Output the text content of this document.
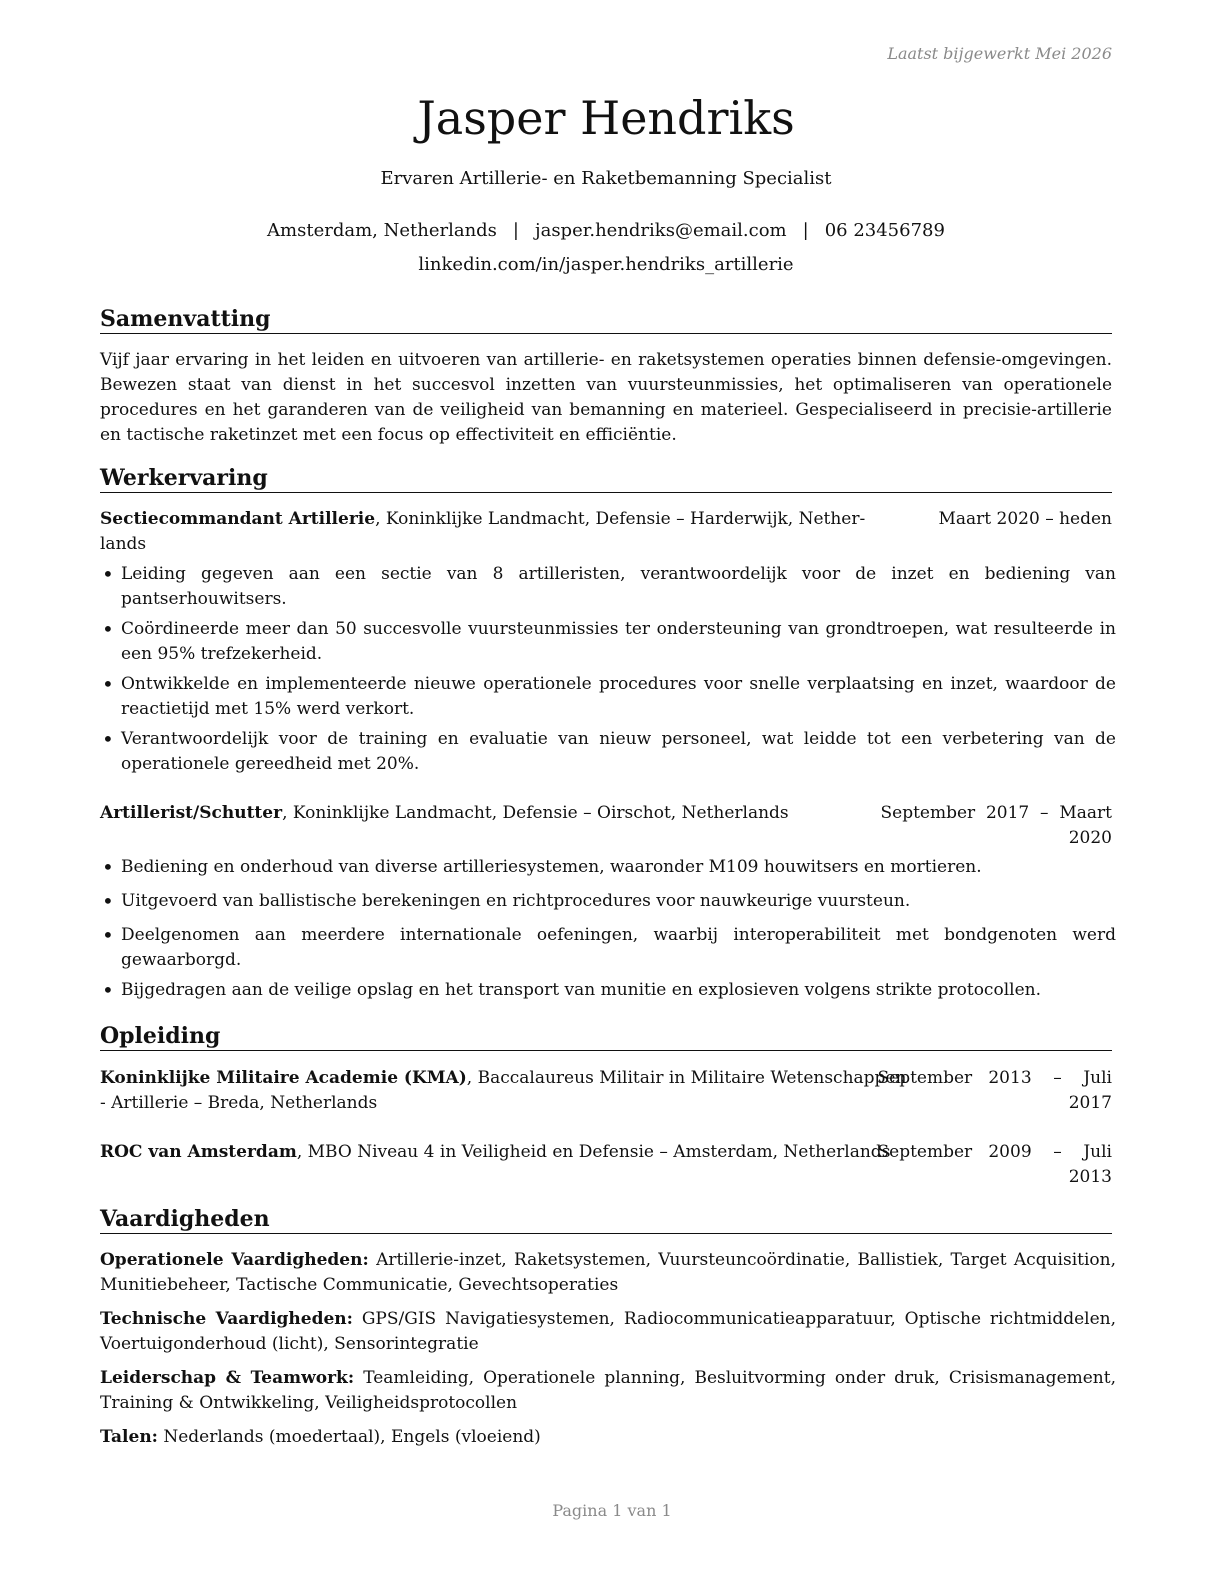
Laatst bijgewerkt Mei 2026
Jasper Hendriks
Ervaren Artillerie- en Raketbemanning Specialist
Amsterdam, Netherlands | jasper.hendriks@email.com | 06 23456789
linkedin.com/in/jasper.hendriks_artillerie
Samenvatting
Vijf jaar ervaring in het leiden en uitvoeren van artillerie- en raketsystemen operaties binnen defensie-omgevingen. Bewezen staat van dienst in het succesvol inzetten van vuursteunmissies, het optimaliseren van operationele procedures en het garanderen van de veiligheid van bemanning en materieel. Gespecialiseerd in precisie-artillerie en tactische raketinzet met een focus op effectiviteit en efficiëntie.
Werkervaring
Sectiecommandant Artillerie, Koninklijke Landmacht, Defensie – Harderwijk, Nether-
lands
Maart 2020 – heden
• Leiding gegeven aan een sectie van 8 artilleristen, verantwoordelijk voor de inzet en bediening van pantserhouwitsers.
• Coördineerde meer dan 50 succesvolle vuursteunmissies ter ondersteuning van grondtroepen, wat resulteerde in een 95% trefzekerheid.
• Ontwikkelde en implementeerde nieuwe operationele procedures voor snelle verplaatsing en inzet, waardoor de reactietijd met 15% werd verkort.
• Verantwoordelijk voor de training en evaluatie van nieuw personeel, wat leidde tot een verbetering van de operationele gereedheid met 20%.
Artillerist/Schutter, Koninklijke Landmacht, Defensie – Oirschot, Netherlands	September  2017  –  Maart
2020
• Bediening en onderhoud van diverse artilleriesystemen, waaronder M109 houwitsers en mortieren.
• Uitgevoerd van ballistische berekeningen en richtprocedures voor nauwkeurige vuursteun.
• Deelgenomen aan meerdere internationale oefeningen, waarbij interoperabiliteit met bondgenoten werd gewaarborgd.
• Bijgedragen aan de veilige opslag en het transport van munitie en explosieven volgens strikte protocollen.
Opleiding
Koninklijke Militaire Academie (KMA), Baccalaureus Militair in Militaire Wetenschappen
- Artillerie – Breda, Netherlands
September   2013    –    Juli
2017
ROC van Amsterdam, MBO Niveau 4 in Veiligheid en Defensie – Amsterdam, Netherlands
September   2009    –    Juli
2013
Vaardigheden
Operationele Vaardigheden: Artillerie-inzet, Raketsystemen, Vuursteuncoördinatie, Ballistiek, Target Acquisition, Munitiebeheer, Tactische Communicatie, Gevechtsoperaties
Technische Vaardigheden: GPS/GIS Navigatiesystemen, Radiocommunicatieapparatuur, Optische richtmiddelen, Voertuigonderhoud (licht), Sensorintegratie
Leiderschap & Teamwork: Teamleiding, Operationele planning, Besluitvorming onder druk, Crisismanagement, Training & Ontwikkeling, Veiligheidsprotocollen
Talen: Nederlands (moedertaal), Engels (vloeiend)
Pagina 1 van 1
